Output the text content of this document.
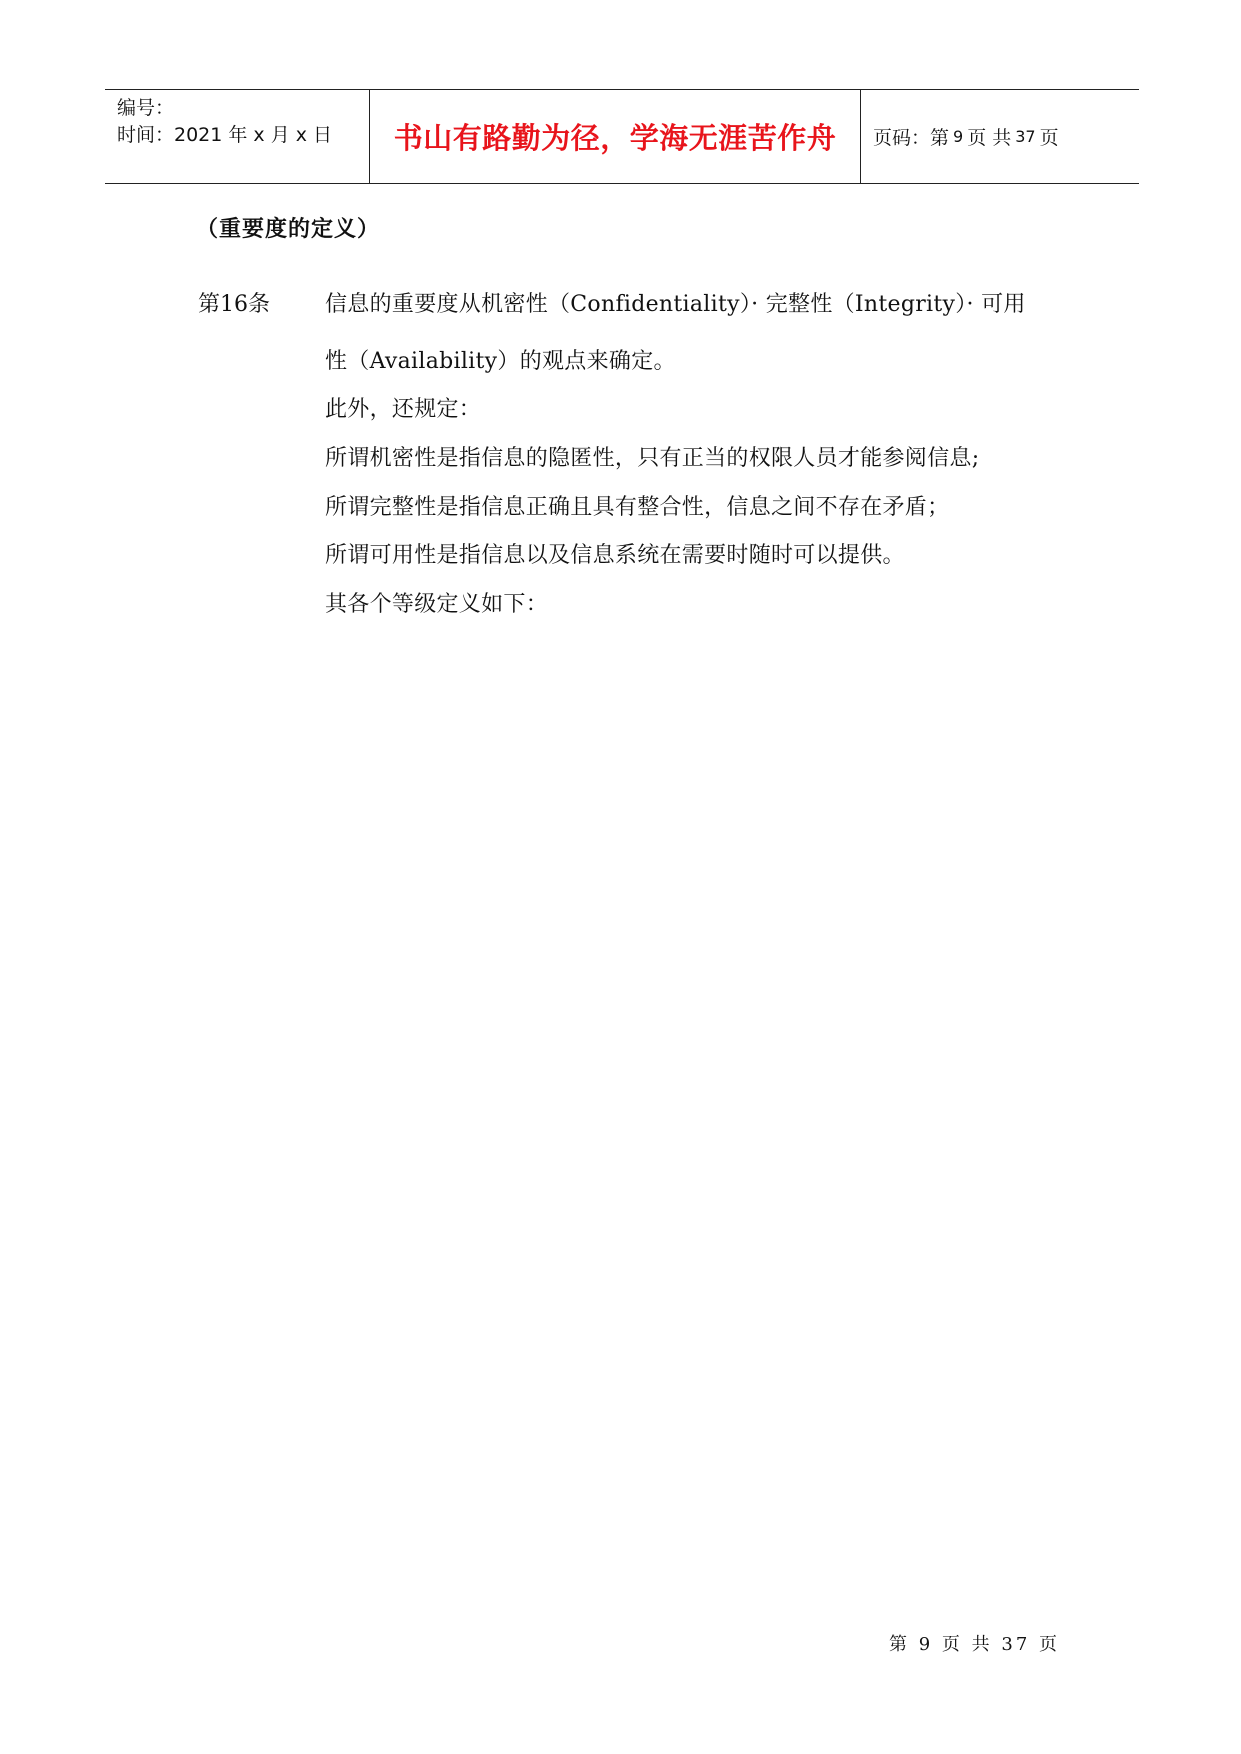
编号：
时间：2021 年 x 月 x 日	书山有路勤为径，学海无涯苦作舟	页码：第 9 页 共 37 页
（重要度的定义）
第16条	信息的重要度从机密性（Confidentiality）· 完整性（Integrity）· 可用
性（Availability）的观点来确定。
此外，还规定：
所谓机密性是指信息的隐匿性，只有正当的权限人员才能参阅信息;
所谓完整性是指信息正确且具有整合性，信息之间不存在矛盾；
所谓可用性是指信息以及信息系统在需要时随时可以提供。
其各个等级定义如下：
第 9 页 共 37 页
